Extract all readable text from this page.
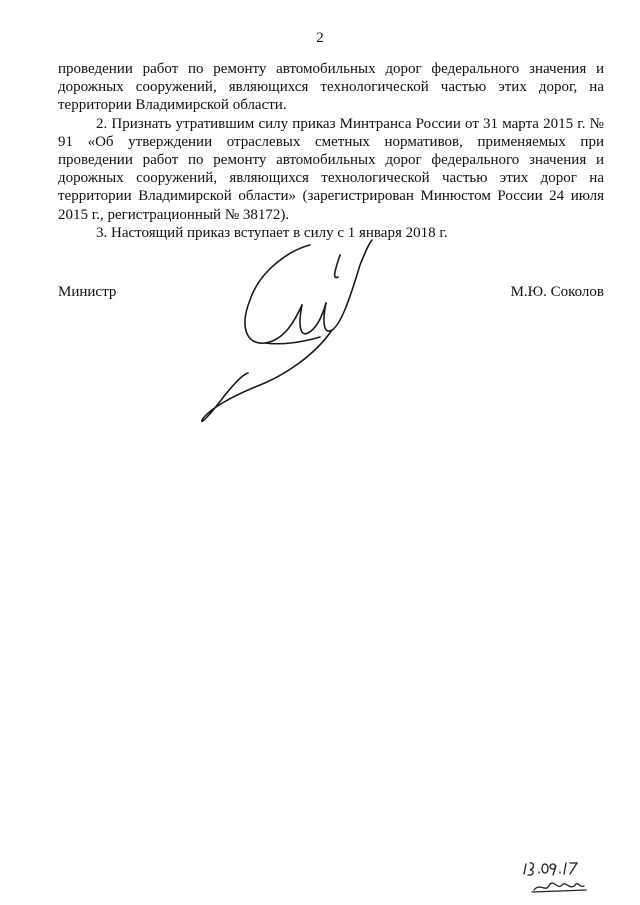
2

проведении работ по ремонту автомобильных дорог федерального значения и дорожных сооружений, являющихся технологической частью этих дорог, на территории Владимирской области.

2. Признать утратившим силу приказ Минтранса России от 31 марта 2015 г. № 91 «Об утверждении отраслевых сметных нормативов, применяемых при проведении работ по ремонту автомобильных дорог федерального значения и дорожных сооружений, являющихся технологической частью этих дорог на территории Владимирской области» (зарегистрирован Минюстом России 24 июля 2015 г., регистрационный № 38172).

3. Настоящий приказ вступает в силу с 1 января 2018 г.

Министр	М.Ю. Соколов
